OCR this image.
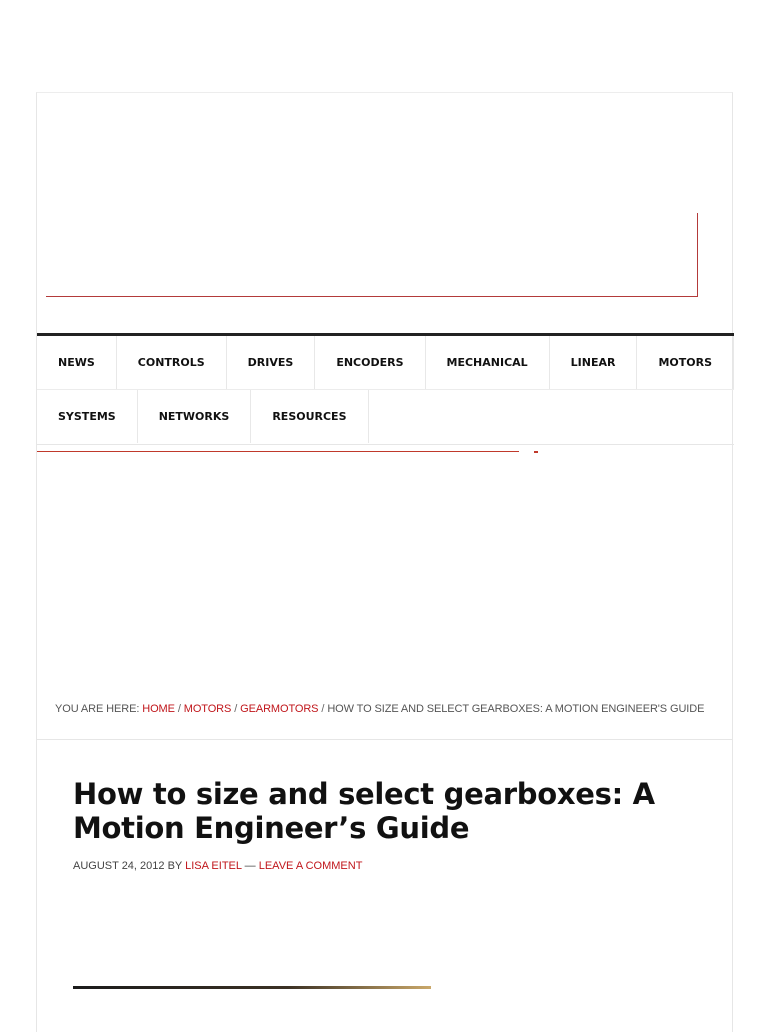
NEWS	CONTROLS	DRIVES	ENCODERS	MECHANICAL	LINEAR	MOTORS
SYSTEMS	NETWORKS	RESOURCES
YOU ARE HERE: HOME / MOTORS / GEARMOTORS / HOW TO SIZE AND SELECT GEARBOXES: A MOTION ENGINEER'S GUIDE
How to size and select gearboxes: A Motion Engineer’s Guide
AUGUST 24, 2012 BY LISA EITEL — LEAVE A COMMENT
